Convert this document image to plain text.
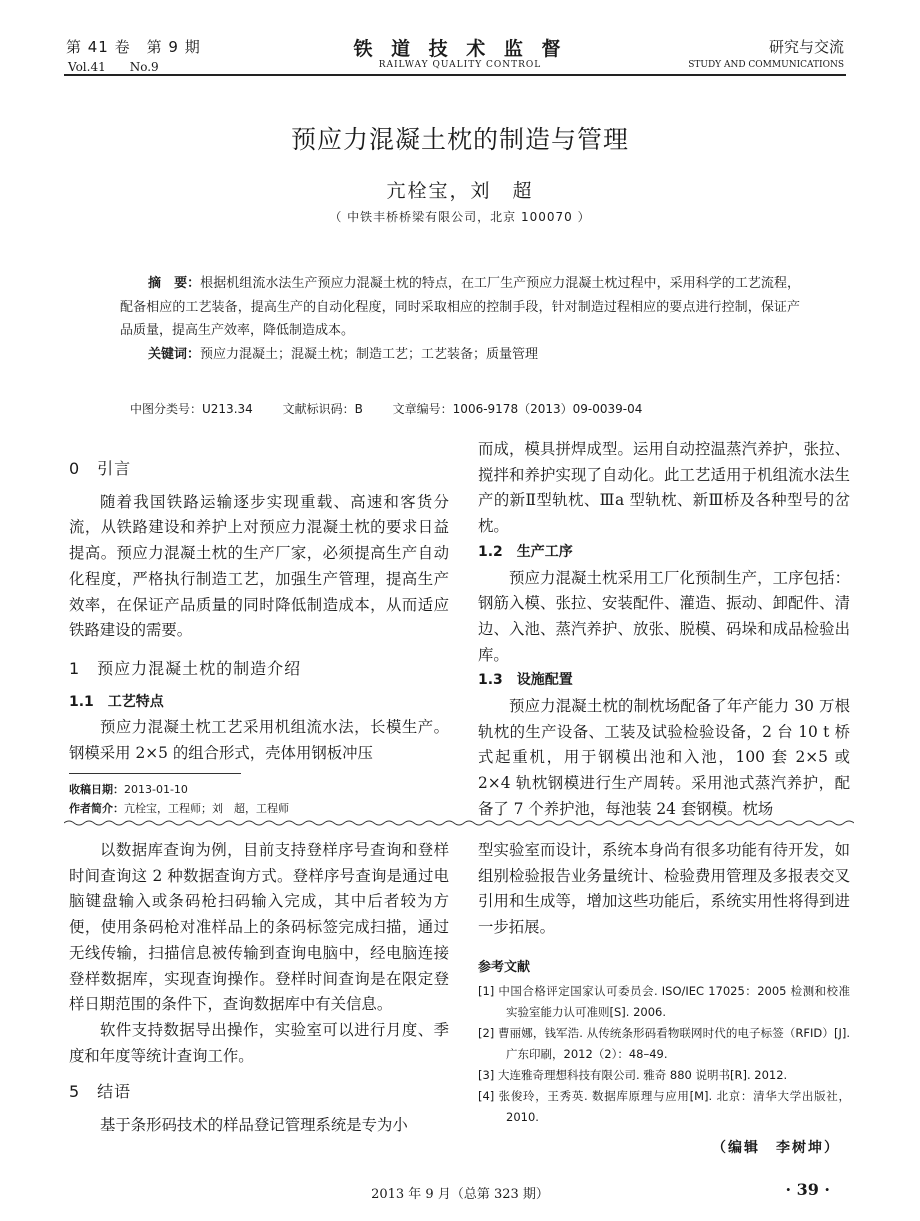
第 41 卷　第 9 期
Vol.41　　No.9
铁 道 技 术 监 督
RAILWAY QUALITY CONTROL
研究与交流
STUDY AND COMMUNICATIONS
预应力混凝土枕的制造与管理
亢栓宝，刘　超
（ 中铁丰桥桥梁有限公司，北京 100070 ）
摘　要：根据机组流水法生产预应力混凝土枕的特点，在工厂生产预应力混凝土枕过程中，采用科学的工艺流程，配备相应的工艺装备，提高生产的自动化程度，同时采取相应的控制手段，针对制造过程相应的要点进行控制，保证产品质量，提高生产效率，降低制造成本。
关键词：预应力混凝土；混凝土枕；制造工艺；工艺装备；质量管理
中图分类号：U213.34 文献标识码：B 文章编号：1006-9178（2013）09-0039-04
0　引言

随着我国铁路运输逐步实现重载、高速和客货分流，从铁路建设和养护上对预应力混凝土枕的要求日益提高。预应力混凝土枕的生产厂家，必须提高生产自动化程度，严格执行制造工艺，加强生产管理，提高生产效率，在保证产品质量的同时降低制造成本，从而适应铁路建设的需要。

1　预应力混凝土枕的制造介绍
1.1　工艺特点

预应力混凝土枕工艺采用机组流水法，长模生产。钢模采用 2×5 的组合形式，壳体用钢板冲压

而成，模具拼焊成型。运用自动控温蒸汽养护，张拉、搅拌和养护实现了自动化。此工艺适用于机组流水法生产的新Ⅱ型轨枕、Ⅲa 型轨枕、新Ⅲ桥及各种型号的岔枕。

1.2　生产工序

预应力混凝土枕采用工厂化预制生产，工序包括：钢筋入模、张拉、安装配件、灌造、振动、卸配件、清边、入池、蒸汽养护、放张、脱模、码垛和成品检验出库。

1.3　设施配置

预应力混凝土枕的制枕场配备了年产能力 30 万根轨枕的生产设备、工装及试验检验设备，2 台 10 t 桥式起重机，用于钢模出池和入池，100 套 2×5 或 2×4 轨枕钢模进行生产周转。采用池式蒸汽养护，配备了 7 个养护池，每池装 24 套钢模。枕场

收稿日期：2013-01-10
作者简介：亢栓宝，工程师；刘　超，工程师

以数据库查询为例，目前支持登样序号查询和登样时间查询这 2 种数据查询方式。登样序号查询是通过电脑键盘输入或条码枪扫码输入完成，其中后者较为方便，使用条码枪对准样品上的条码标签完成扫描，通过无线传输，扫描信息被传输到查询电脑中，经电脑连接登样数据库，实现查询操作。登样时间查询是在限定登样日期范围的条件下，查询数据库中有关信息。

软件支持数据导出操作，实验室可以进行月度、季度和年度等统计查询工作。

5　结语

基于条形码技术的样品登记管理系统是专为小

型实验室而设计，系统本身尚有很多功能有待开发，如组别检验报告业务量统计、检验费用管理及多报表交叉引用和生成等，增加这些功能后，系统实用性将得到进一步拓展。

参考文献

[1] 中国合格评定国家认可委员会. ISO/IEC 17025：2005 检测和校准实验室能力认可准则[S]. 2006.

[2] 曹丽娜，钱军浩. 从传统条形码看物联网时代的电子标签（RFID）[J]. 广东印刷，2012（2）：48–49.

[3] 大连雅奇理想科技有限公司. 雅奇 880 说明书[R]. 2012.

[4] 张俊玲，王秀英. 数据库原理与应用[M]. 北京：清华大学出版社，2010.

（编辑　李树坤）
2013 年 9 月（总第 323 期）	· 39 ·
